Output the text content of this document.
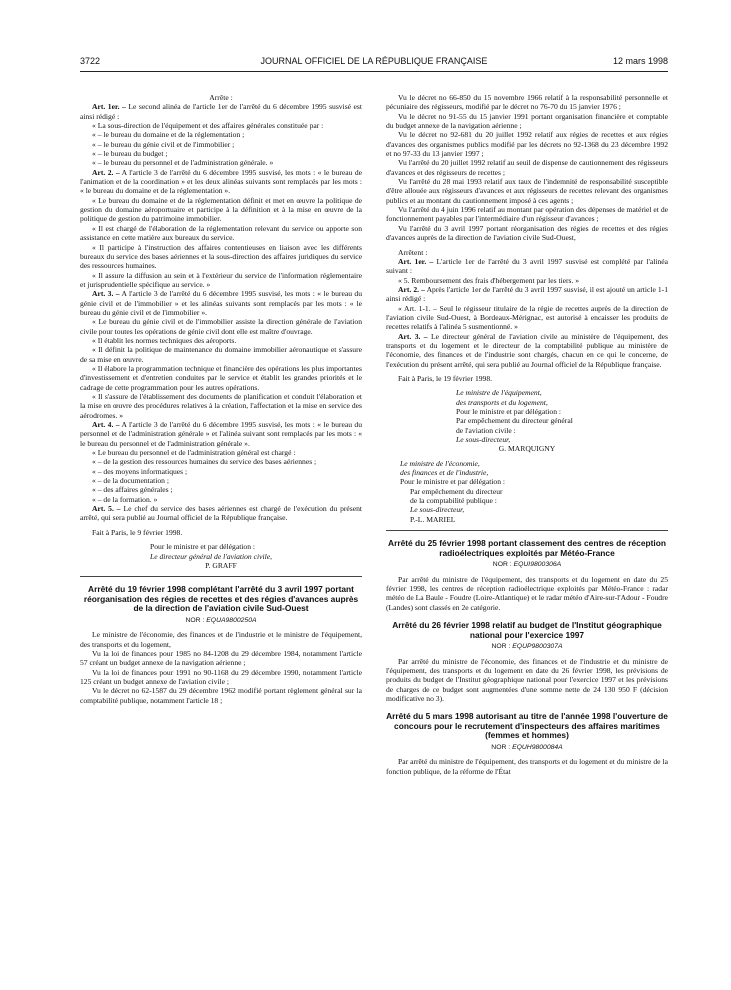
3722	JOURNAL OFFICIEL DE LA RÉPUBLIQUE FRANÇAISE	12 mars 1998

Arrête :

Art. 1er. – Le second alinéa de l'article 1er de l'arrêté du 6 décembre 1995 susvisé est ainsi rédigé :

« La sous-direction de l'équipement et des affaires générales constituée par :

« – le bureau du domaine et de la réglementation ;

« – le bureau du génie civil et de l'immobilier ;

« – le bureau du budget ;

« – le bureau du personnel et de l'administration générale. »

Art. 2. – A l'article 3 de l'arrêté du 6 décembre 1995 susvisé, les mots : « le bureau de l'animation et de la coordination » et les deux alinéas suivants sont remplacés par les mots : « le bureau du domaine et de la réglementation ».

« Le bureau du domaine et de la réglementation définit et met en œuvre la politique de gestion du domaine aéroportuaire et participe à la définition et à la mise en œuvre de la politique de gestion du patrimoine immobilier.

« Il est chargé de l'élaboration de la réglementation relevant du service ou apporte son assistance en cette matière aux bureaux du service.

« Il participe à l'instruction des affaires contentieuses en liaison avec les différents bureaux du service des bases aériennes et la sous-direction des affaires juridiques du service des ressources humaines.

« Il assure la diffusion au sein et à l'extérieur du service de l'information réglementaire et jurisprudentielle spécifique au service. »

Art. 3. – A l'article 3 de l'arrêté du 6 décembre 1995 susvisé, les mots : « le bureau du génie civil et de l'immobilier » et les alinéas suivants sont remplacés par les mots : « le bureau du génie civil et de l'immobilier ».

« Le bureau du génie civil et de l'immobilier assiste la direction générale de l'aviation civile pour toutes les opérations de génie civil dont elle est maître d'ouvrage.

« Il établit les normes techniques des aéroports.

« Il définit la politique de maintenance du domaine immobilier aéronautique et s'assure de sa mise en œuvre.

« Il élabore la programmation technique et financière des opérations les plus importantes d'investissement et d'entretien conduites par le service et établit les grandes priorités et le cadrage de cette programmation pour les autres opérations.

« Il s'assure de l'établissement des documents de planification et conduit l'élaboration et la mise en œuvre des procédures relatives à la création, l'affectation et la mise en service des aérodromes. »

Art. 4. – A l'article 3 de l'arrêté du 6 décembre 1995 susvisé, les mots : « le bureau du personnel et de l'administration générale » et l'alinéa suivant sont remplacés par les mots : « le bureau du personnel et de l'administration générale ».

« Le bureau du personnel et de l'administration général est chargé :

« – de la gestion des ressources humaines du service des bases aériennes ;

« – des moyens informatiques ;

« – de la documentation ;

« – des affaires générales ;

« – de la formation. »

Art. 5. – Le chef du service des bases aériennes est chargé de l'exécution du présent arrêté, qui sera publié au Journal officiel de la République française.

Fait à Paris, le 9 février 1998.

Pour le ministre et par délégation :

Le directeur général de l'aviation civile,

P. GRAFF

Arrêté du 19 février 1998 complétant l'arrêté du 3 avril 1997 portant réorganisation des régies de recettes et des régies d'avances auprès de la direction de l'aviation civile Sud-Ouest
NOR : EQUA9800250A

Le ministre de l'économie, des finances et de l'industrie et le ministre de l'équipement, des transports et du logement,

Vu la loi de finances pour 1985 no 84-1208 du 29 décembre 1984, notamment l'article 57 créant un budget annexe de la navigation aérienne ;

Vu la loi de finances pour 1991 no 90-1168 du 29 décembre 1990, notamment l'article 125 créant un budget annexe de l'aviation civile ;

Vu le décret no 62-1587 du 29 décembre 1962 modifié portant règlement général sur la comptabilité publique, notamment l'article 18 ;

Vu le décret no 66-850 du 15 novembre 1966 relatif à la responsabilité personnelle et pécuniaire des régisseurs, modifié par le décret no 76-70 du 15 janvier 1976 ;

Vu le décret no 91-55 du 15 janvier 1991 portant organisation financière et comptable du budget annexe de la navigation aérienne ;

Vu le décret no 92-681 du 20 juillet 1992 relatif aux régies de recettes et aux régies d'avances des organismes publics modifié par les décrets no 92-1368 du 23 décembre 1992 et no 97-33 du 13 janvier 1997 ;

Vu l'arrêté du 20 juillet 1992 relatif au seuil de dispense de cautionnement des régisseurs d'avances et des régisseurs de recettes ;

Vu l'arrêté du 28 mai 1993 relatif aux taux de l'indemnité de responsabilité susceptible d'être allouée aux régisseurs d'avances et aux régisseurs de recettes relevant des organismes publics et au montant du cautionnement imposé à ces agents ;

Vu l'arrêté du 4 juin 1996 relatif au montant par opération des dépenses de matériel et de fonctionnement payables par l'intermédiaire d'un régisseur d'avances ;

Vu l'arrêté du 3 avril 1997 portant réorganisation des régies de recettes et des régies d'avances auprès de la direction de l'aviation civile Sud-Ouest,

Arrêtent :

Art. 1er. – L'article 1er de l'arrêté du 3 avril 1997 susvisé est complété par l'alinéa suivant :

« 5. Remboursement des frais d'hébergement par les tiers. »

Art. 2. – Après l'article 1er de l'arrêté du 3 avril 1997 susvisé, il est ajouté un article 1-1 ainsi rédigé :

« Art. 1-1. – Seul le régisseur titulaire de la régie de recettes auprès de la direction de l'aviation civile Sud-Ouest, à Bordeaux-Mérignac, est autorisé à encaisser les produits de recettes relatifs à l'alinéa 5 susmentionné. »

Art. 3. – Le directeur général de l'aviation civile au ministère de l'équipement, des transports et du logement et le directeur de la comptabilité publique au ministère de l'économie, des finances et de l'industrie sont chargés, chacun en ce qui le concerne, de l'exécution du présent arrêté, qui sera publié au Journal officiel de la République française.

Fait à Paris, le 19 février 1998.

Le ministre de l'équipement,

des transports et du logement,

Pour le ministre et par délégation :

Par empêchement du directeur général

de l'aviation civile :

Le sous-directeur,

G. MARQUIGNY

Le ministre de l'économie,

des finances et de l'industrie,

Pour le ministre et par délégation :

Par empêchement du directeur

de la comptabilité publique :

Le sous-directeur,

P.-L. MARIEL

Arrêté du 25 février 1998 portant classement des centres de réception radioélectriques exploités par Météo-France
NOR : EQUI9800306A

Par arrêté du ministre de l'équipement, des transports et du logement en date du 25 février 1998, les centres de réception radioélectrique exploités par Météo-France : radar météo de La Baule - Foudre (Loire-Atlantique) et le radar météo d'Aire-sur-l'Adour - Foudre (Landes) sont classés en 2e catégorie.

Arrêté du 26 février 1998 relatif au budget de l'Institut géographique national pour l'exercice 1997
NOR : EQUP9800307A

Par arrêté du ministre de l'économie, des finances et de l'industrie et du ministre de l'équipement, des transports et du logement en date du 26 février 1998, les prévisions de produits du budget de l'Institut géographique national pour l'exercice 1997 et les prévisions de charges de ce budget sont augmentées d'une somme nette de 24 130 950 F (décision modificative no 3).

Arrêté du 5 mars 1998 autorisant au titre de l'année 1998 l'ouverture de concours pour le recrutement d'inspecteurs des affaires maritimes (femmes et hommes)
NOR : EQUH9800084A

Par arrêté du ministre de l'équipement, des transports et du logement et du ministre de la fonction publique, de la réforme de l'État
